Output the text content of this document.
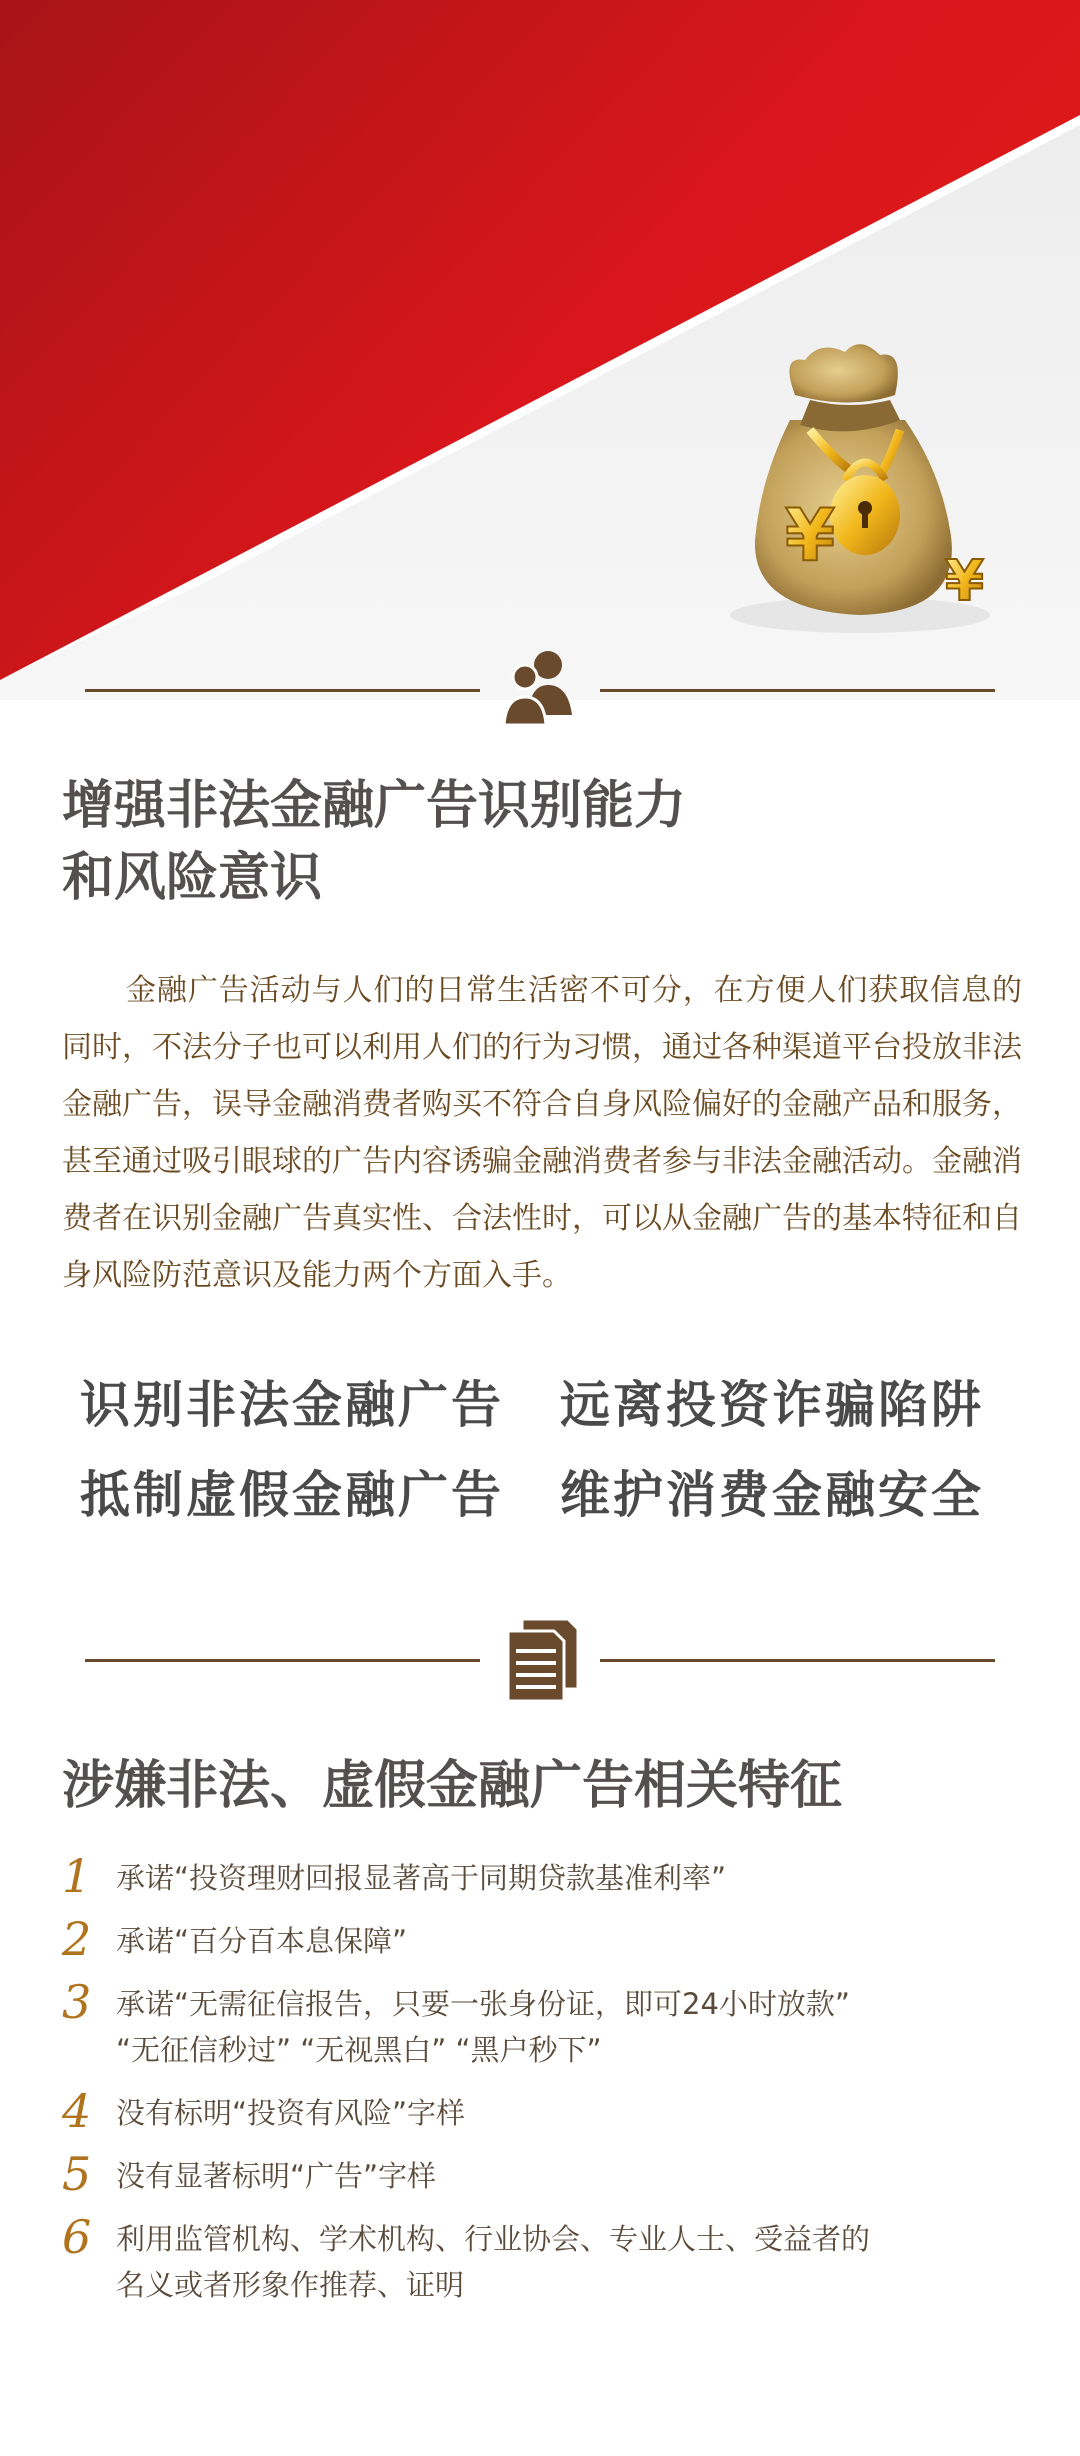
¥
¥
增强非法金融广告识别能力
和风险意识
金融广告活动与人们的日常生活密不可分，在方便人们获取信息的同时，不法分子也可以利用人们的行为习惯，通过各种渠道平台投放非法金融广告，误导金融消费者购买不符合自身风险偏好的金融产品和服务，甚至通过吸引眼球的广告内容诱骗金融消费者参与非法金融活动。金融消费者在识别金融广告真实性、合法性时，可以从金融广告的基本特征和自身风险防范意识及能力两个方面入手。
识别非法金融广告 远离投资诈骗陷阱
抵制虚假金融广告 维护消费金融安全
涉嫌非法、虚假金融广告相关特征
1 承诺“投资理财回报显著高于同期贷款基准利率”
2 承诺“百分百本息保障”
3 承诺“无需征信报告，只要一张身份证，即可24小时放款”
“无征信秒过” “无视黑白” “黑户秒下”
4 没有标明“投资有风险”字样
5 没有显著标明“广告”字样
6 利用监管机构、学术机构、行业协会、专业人士、受益者的
名义或者形象作推荐、证明
